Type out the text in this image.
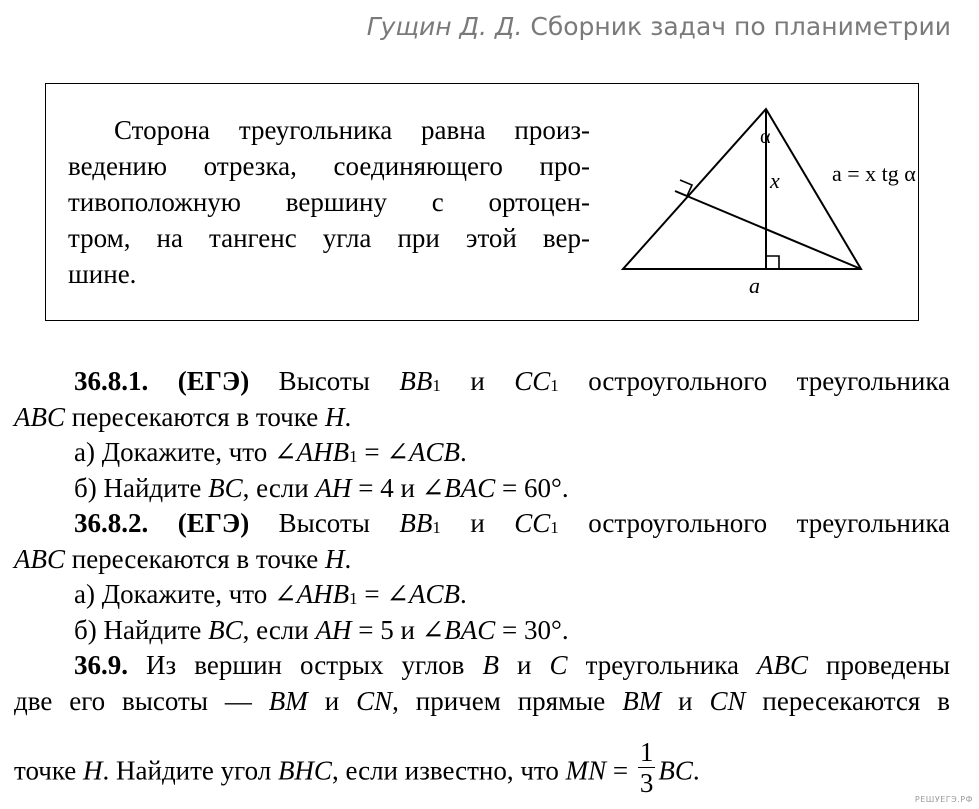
Гущин Д. Д. Сборник задач по планиметрии
Сторона треугольника равна произ-
ведению отрезка, соединяющего про-
тивоположную вершину с ортоцен-
тром, на тангенс угла при этой вер-
шине.
α
x
a
a = x tg α
36.8.1. (ЕГЭ) Высоты $BB_1$ и $CC_1$ остроугольного треугольника
ABC пересекаются в точке H.
а) Докажите, что $\angle AHB_1$ = ∠ACB.
б) Найдите BC, если AH = 4 и ∠BAC = 60°.
36.8.2. (ЕГЭ) Высоты $BB_1$ и $CC_1$ остроугольного треугольника
ABC пересекаются в точке H.
а) Докажите, что $\angle AHB_1$ = ∠ACB.
б) Найдите BC, если AH = 5 и ∠BAC = 30°.
36.9. Из вершин острых углов B и C треугольника ABC проведены
две его высоты — BM и CN, причем прямые BM и CN пересекаются в
точке H. Найдите угол BHC, если известно, что MN = $\frac{1}{3}$ BC.
РЕШУЕГЭ.РФ
